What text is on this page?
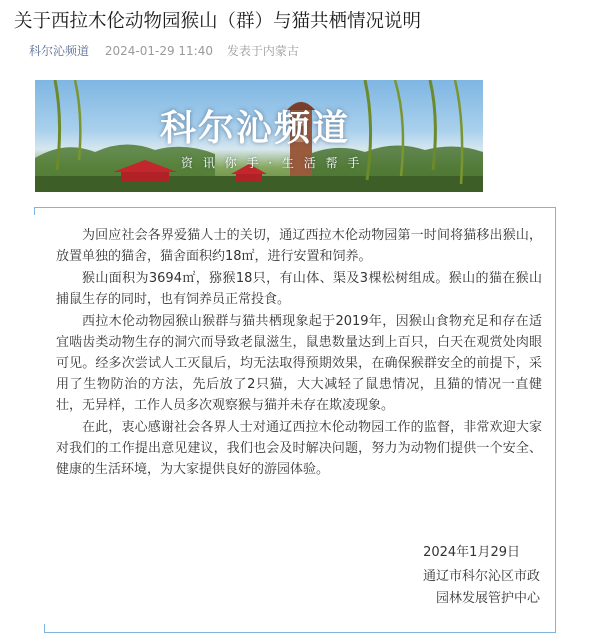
关于西拉木伦动物园猴山（群）与猫共栖情况说明
科尔沁频道 2024-01-29 11:40 发表于内蒙古
科尔沁频道
资 讯 你 手 · 生 活 帮 手

为回应社会各界爱猫人士的关切，通辽西拉木伦动物园第一时间将猫移出猴山，放置单独的猫舍，猫舍面积约18㎡，进行安置和饲养。

猴山面积为3694㎡，猕猴18只，有山体、渠及3棵松树组成。猴山的猫在猴山捕鼠生存的同时，也有饲养员正常投食。

西拉木伦动物园猴山猴群与猫共栖现象起于2019年，因猴山食物充足和存在适宜啮齿类动物生存的洞穴而导致老鼠滋生，鼠患数量达到上百只，白天在观赏处肉眼可见。经多次尝试人工灭鼠后，均无法取得预期效果，在确保猴群安全的前提下，采用了生物防治的方法，先后放了2只猫，大大减轻了鼠患情况，且猫的情况一直健壮，无异样，工作人员多次观察猴与猫并未存在欺凌现象。

在此，衷心感谢社会各界人士对通辽西拉木伦动物园工作的监督，非常欢迎大家对我们的工作提出意见建议，我们也会及时解决问题，努力为动物们提供一个安全、健康的生活环境，为大家提供良好的游园体验。

2024年1月29日
通辽市科尔沁区市政
园林发展管护中心
